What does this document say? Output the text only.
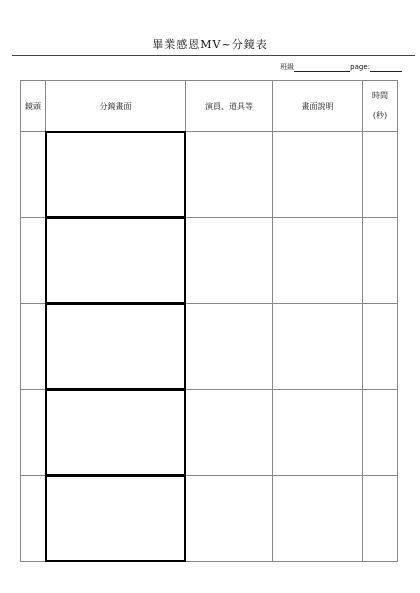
畢業感恩MV~分鏡表
班級	page:
鏡頭	分鏡畫面	演員、道具等	畫面說明	時間
(秒)
